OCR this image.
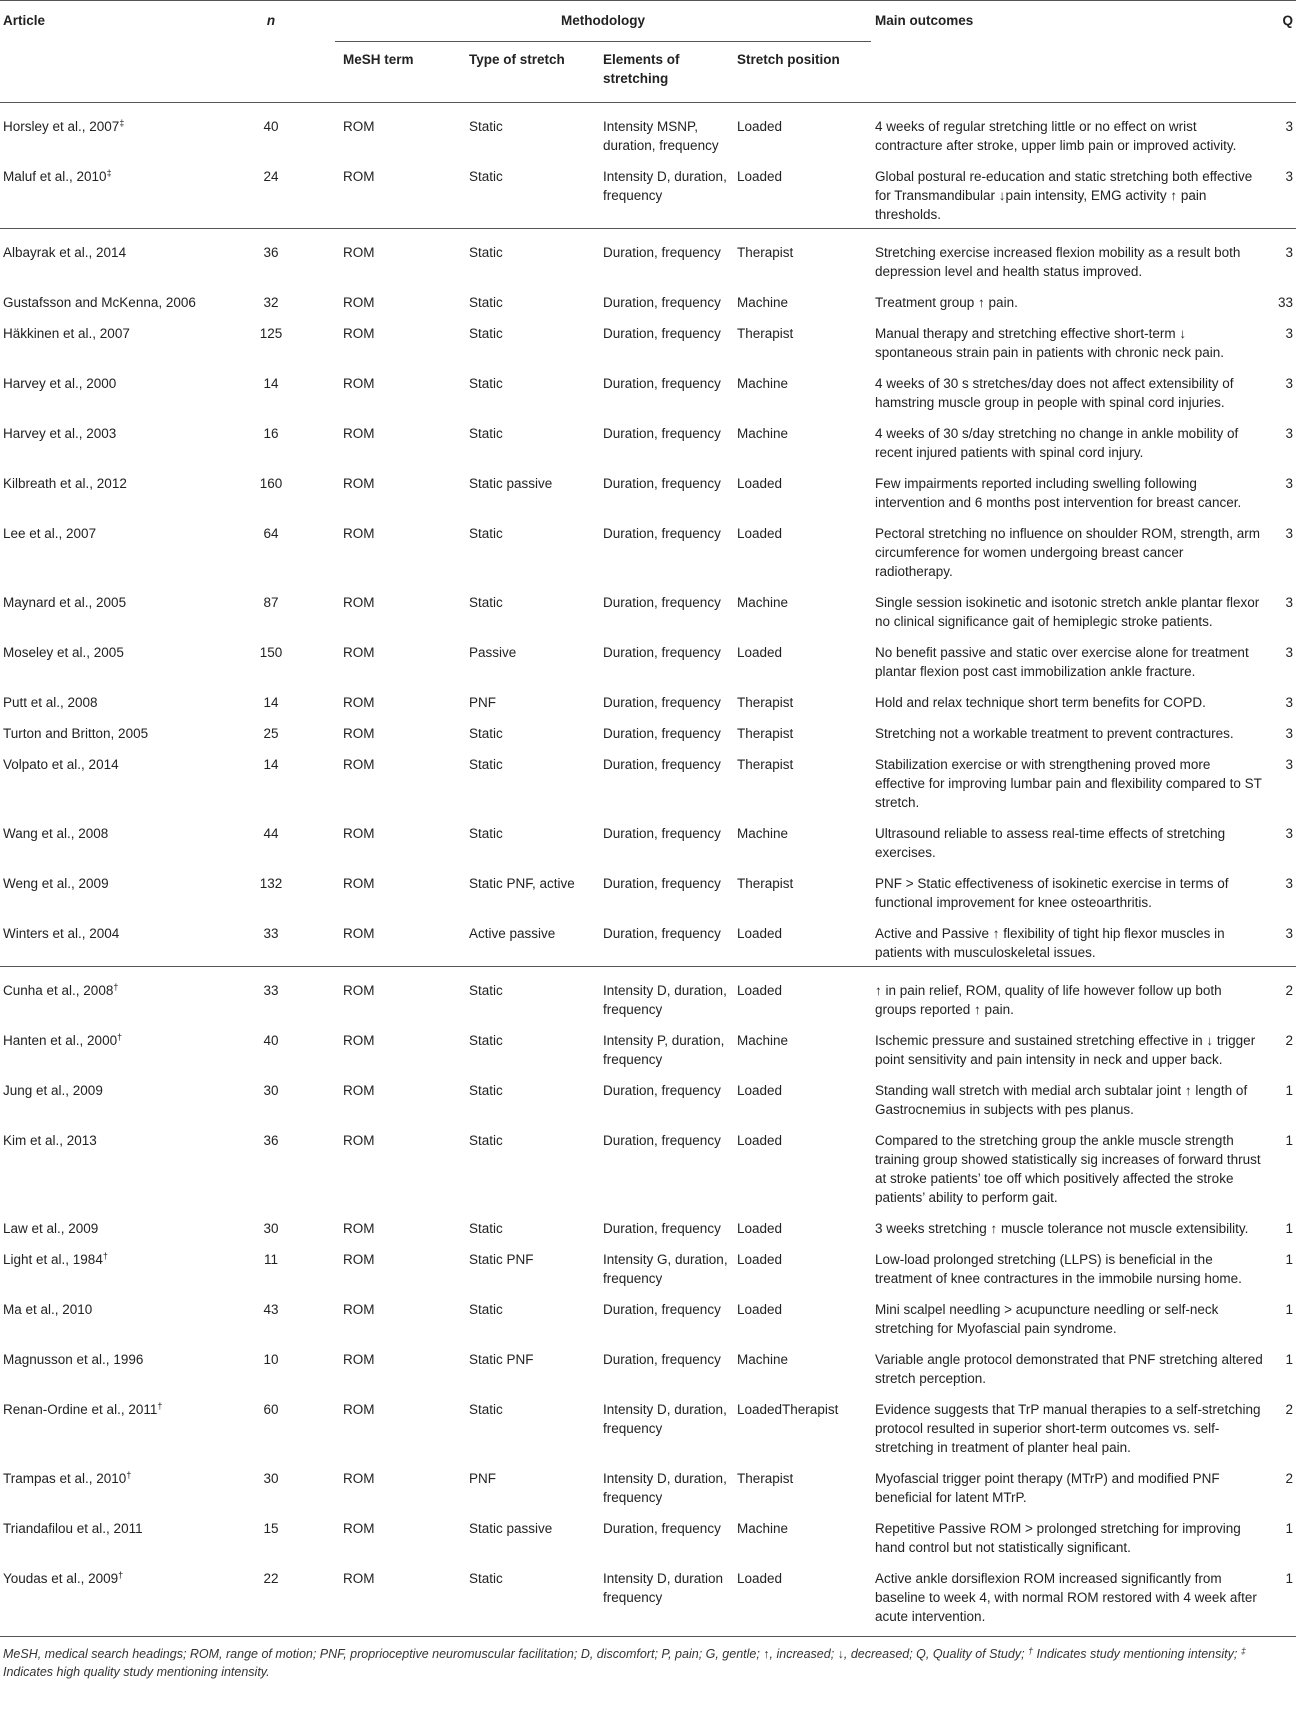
Article	n	Methodology				Main outcomes	Q
		MeSH term	Type of stretch	Elements of stretching	Stretch position		
Horsley et al., 2007‡	40	ROM	Static	Intensity MSNP, duration, frequency	Loaded	4 weeks of regular stretching little or no effect on wrist contracture after stroke, upper limb pain or improved activity.	3
Maluf et al., 2010‡	24	ROM	Static	Intensity D, duration, frequency	Loaded	Global postural re-education and static stretching both effective for Transmandibular ↓pain intensity, EMG activity ↑ pain thresholds.	3
Albayrak et al., 2014	36	ROM	Static	Duration, frequency	Therapist	Stretching exercise increased flexion mobility as a result both depression level and health status improved.	3
Gustafsson and McKenna, 2006	32	ROM	Static	Duration, frequency	Machine	Treatment group ↑ pain.	33
Häkkinen et al., 2007	125	ROM	Static	Duration, frequency	Therapist	Manual therapy and stretching effective short-term ↓ spontaneous strain pain in patients with chronic neck pain.	3
Harvey et al., 2000	14	ROM	Static	Duration, frequency	Machine	4 weeks of 30 s stretches/day does not affect extensibility of hamstring muscle group in people with spinal cord injuries.	3
Harvey et al., 2003	16	ROM	Static	Duration, frequency	Machine	4 weeks of 30 s/day stretching no change in ankle mobility of recent injured patients with spinal cord injury.	3
Kilbreath et al., 2012	160	ROM	Static passive	Duration, frequency	Loaded	Few impairments reported including swelling following intervention and 6 months post intervention for breast cancer.	3
Lee et al., 2007	64	ROM	Static	Duration, frequency	Loaded	Pectoral stretching no influence on shoulder ROM, strength, arm circumference for women undergoing breast cancer radiotherapy.	3
Maynard et al., 2005	87	ROM	Static	Duration, frequency	Machine	Single session isokinetic and isotonic stretch ankle plantar flexor no clinical significance gait of hemiplegic stroke patients.	3
Moseley et al., 2005	150	ROM	Passive	Duration, frequency	Loaded	No benefit passive and static over exercise alone for treatment plantar flexion post cast immobilization ankle fracture.	3
Putt et al., 2008	14	ROM	PNF	Duration, frequency	Therapist	Hold and relax technique short term benefits for COPD.	3
Turton and Britton, 2005	25	ROM	Static	Duration, frequency	Therapist	Stretching not a workable treatment to prevent contractures.	3
Volpato et al., 2014	14	ROM	Static	Duration, frequency	Therapist	Stabilization exercise or with strengthening proved more effective for improving lumbar pain and flexibility compared to ST stretch.	3
Wang et al., 2008	44	ROM	Static	Duration, frequency	Machine	Ultrasound reliable to assess real-time effects of stretching exercises.	3
Weng et al., 2009	132	ROM	Static PNF, active	Duration, frequency	Therapist	PNF > Static effectiveness of isokinetic exercise in terms of functional improvement for knee osteoarthritis.	3
Winters et al., 2004	33	ROM	Active passive	Duration, frequency	Loaded	Active and Passive ↑ flexibility of tight hip flexor muscles in patients with musculoskeletal issues.	3
Cunha et al., 2008†	33	ROM	Static	Intensity D, duration, frequency	Loaded	↑ in pain relief, ROM, quality of life however follow up both groups reported ↑ pain.	2
Hanten et al., 2000†	40	ROM	Static	Intensity P, duration, frequency	Machine	Ischemic pressure and sustained stretching effective in ↓ trigger point sensitivity and pain intensity in neck and upper back.	2
Jung et al., 2009	30	ROM	Static	Duration, frequency	Loaded	Standing wall stretch with medial arch subtalar joint ↑ length of Gastrocnemius in subjects with pes planus.	1
Kim et al., 2013	36	ROM	Static	Duration, frequency	Loaded	Compared to the stretching group the ankle muscle strength training group showed statistically sig increases of forward thrust at stroke patients’ toe off which positively affected the stroke patients’ ability to perform gait.	1
Law et al., 2009	30	ROM	Static	Duration, frequency	Loaded	3 weeks stretching ↑ muscle tolerance not muscle extensibility.	1
Light et al., 1984†	11	ROM	Static PNF	Intensity G, duration, frequency	Loaded	Low-load prolonged stretching (LLPS) is beneficial in the treatment of knee contractures in the immobile nursing home.	1
Ma et al., 2010	43	ROM	Static	Duration, frequency	Loaded	Mini scalpel needling > acupuncture needling or self-neck stretching for Myofascial pain syndrome.	1
Magnusson et al., 1996	10	ROM	Static PNF	Duration, frequency	Machine	Variable angle protocol demonstrated that PNF stretching altered stretch perception.	1
Renan-Ordine et al., 2011†	60	ROM	Static	Intensity D, duration, frequency	LoadedTherapist	Evidence suggests that TrP manual therapies to a self-stretching protocol resulted in superior short-term outcomes vs. self-stretching in treatment of planter heal pain.	2
Trampas et al., 2010†	30	ROM	PNF	Intensity D, duration, frequency	Therapist	Myofascial trigger point therapy (MTrP) and modified PNF beneficial for latent MTrP.	2
Triandafilou et al., 2011	15	ROM	Static passive	Duration, frequency	Machine	Repetitive Passive ROM > prolonged stretching for improving hand control but not statistically significant.	1
Youdas et al., 2009†	22	ROM	Static	Intensity D, duration frequency	Loaded	Active ankle dorsiflexion ROM increased significantly from baseline to week 4, with normal ROM restored with 4 week after acute intervention.	1
MeSH, medical search headings; ROM, range of motion; PNF, proprioceptive neuromuscular facilitation; D, discomfort; P, pain; G, gentle; ↑, increased; ↓, decreased; Q, Quality of Study; † Indicates study mentioning intensity; ‡ Indicates high quality study mentioning intensity.
